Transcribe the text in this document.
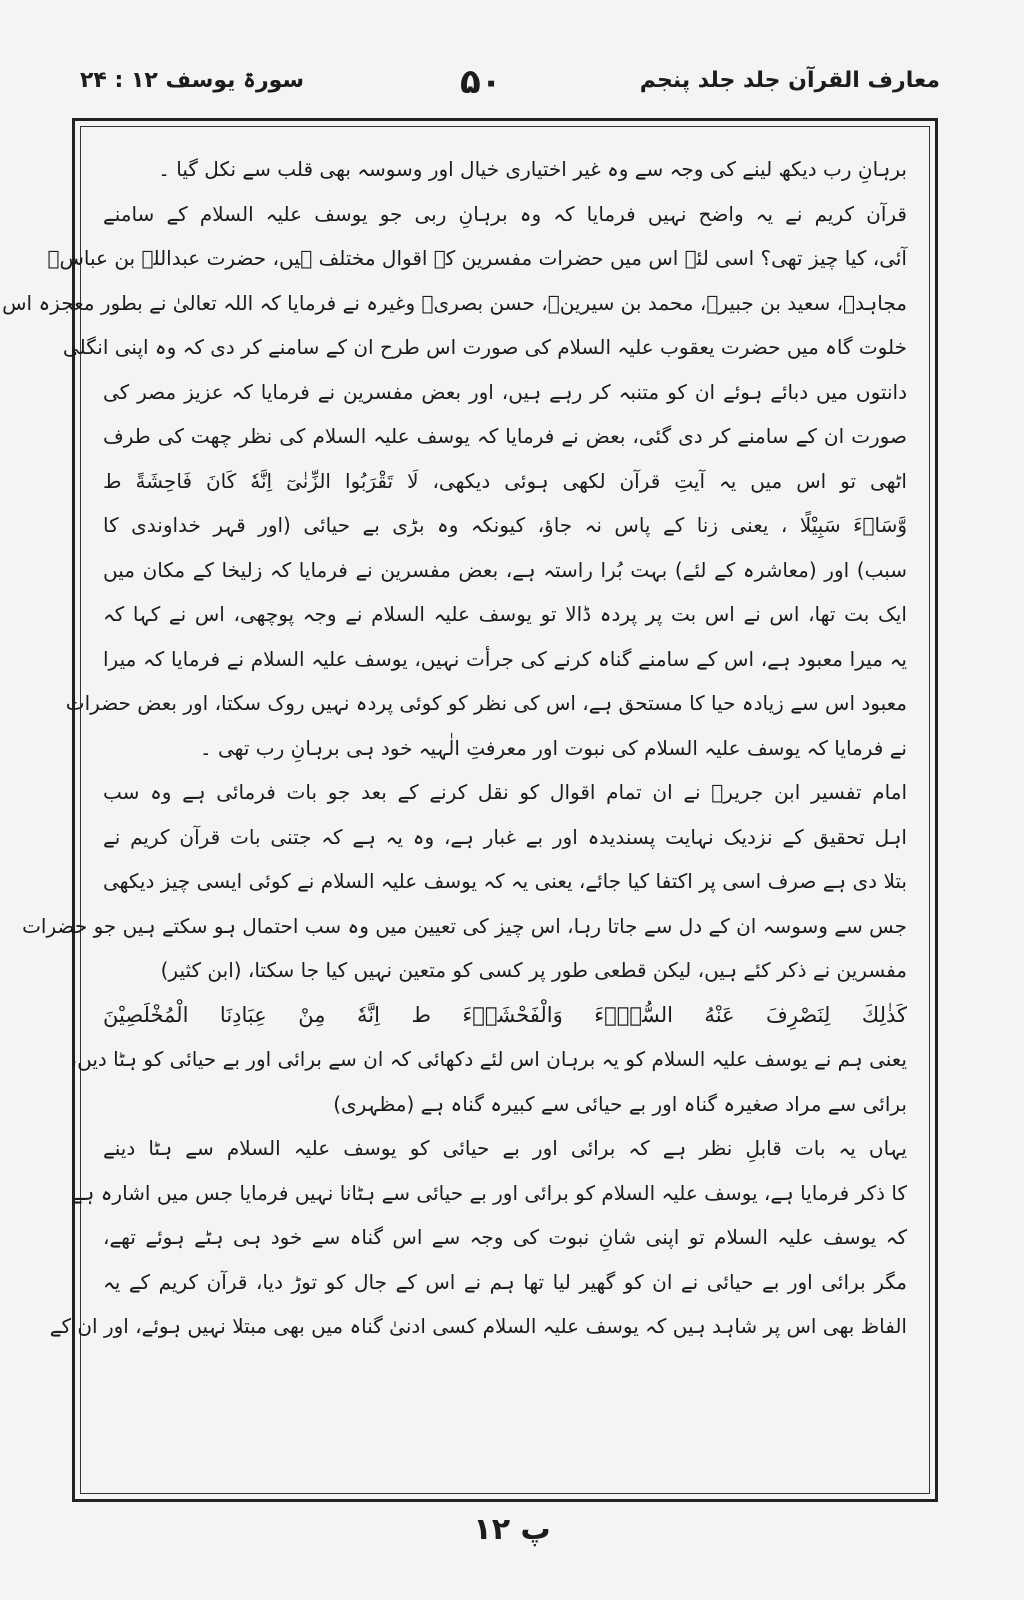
معارف القرآن جلد جلد پنجم
۵۰
سورۃ یوسف ۱۲ : ۲۴

برہانِ رب دیکھ لینے کی وجہ سے وہ غیر اختیاری خیال اور وسوسہ بھی قلب سے نکل گیا ۔

قرآن کریم نے یہ واضح نہیں فرمایا کہ وہ برہانِ ربی جو یوسف علیہ السلام کے سامنے

آئی، کیا چیز تھی؟ اسی لئے اس میں حضرات مفسرین کے اقوال مختلف ہیں، حضرت عبداللہ بن عباسؓ

مجاہدؒ، سعید بن جبیرؒ، محمد بن سیرینؒ، حسن بصریؒ وغیرہ نے فرمایا کہ اللہ تعالیٰ نے بطور معجزہ اس

خلوت گاہ میں حضرت یعقوب علیہ السلام کی صورت اس طرح ان کے سامنے کر دی کہ وہ اپنی انگلی

دانتوں میں دبائے ہوئے ان کو متنبہ کر رہے ہیں، اور بعض مفسرین نے فرمایا کہ عزیز مصر کی

صورت ان کے سامنے کر دی گئی، بعض نے فرمایا کہ یوسف علیہ السلام کی نظر چھت کی طرف

اٹھی تو اس میں یہ آیتِ قرآن لکھی ہوئی دیکھی، لَا تَقْرَبُوا الزِّنٰىٓ اِنَّهٗ كَانَ فَاحِشَةً ط

وَّسَاۗءَ سَبِيْلًا ، یعنی زنا کے پاس نہ جاؤ، کیونکہ وہ بڑی بے حیائی (اور قہر خداوندی کا

سبب) اور (معاشرہ کے لئے) بہت بُرا راستہ ہے، بعض مفسرین نے فرمایا کہ زلیخا کے مکان میں

ایک بت تھا، اس نے اس بت پر پردہ ڈالا تو یوسف علیہ السلام نے وجہ پوچھی، اس نے کہا کہ

یہ میرا معبود ہے، اس کے سامنے گناہ کرنے کی جرأت نہیں، یوسف علیہ السلام نے فرمایا کہ میرا

معبود اس سے زیادہ حیا کا مستحق ہے، اس کی نظر کو کوئی پردہ نہیں روک سکتا، اور بعض حضرات

نے فرمایا کہ یوسف علیہ السلام کی نبوت اور معرفتِ الٰہیہ خود ہی برہانِ رب تھی ۔

امام تفسیر ابن جریرؒ نے ان تمام اقوال کو نقل کرنے کے بعد جو بات فرمائی ہے وہ سب

اہل تحقیق کے نزدیک نہایت پسندیدہ اور بے غبار ہے، وہ یہ ہے کہ جتنی بات قرآن کریم نے

بتلا دی ہے صرف اسی پر اکتفا کیا جائے، یعنی یہ کہ یوسف علیہ السلام نے کوئی ایسی چیز دیکھی

جس سے وسوسہ ان کے دل سے جاتا رہا، اس چیز کی تعیین میں وہ سب احتمال ہو سکتے ہیں جو حضرات

مفسرین نے ذکر کئے ہیں، لیکن قطعی طور پر کسی کو متعین نہیں کیا جا سکتا، (ابن کثیر)

كَذٰلِكَ لِنَصْرِفَ عَنْهُ السُّوْۗءَ وَالْفَحْشَاۗءَ ط اِنَّهٗ مِنْ عِبَادِنَا الْمُخْلَصِيْنَ

یعنی ہم نے یوسف علیہ السلام کو یہ برہان اس لئے دکھائی کہ ان سے برائی اور بے حیائی کو ہٹا دیں،

برائی سے مراد صغیرہ گناہ اور بے حیائی سے کبیرہ گناہ ہے (مظہری)

یہاں یہ بات قابلِ نظر ہے کہ برائی اور بے حیائی کو یوسف علیہ السلام سے ہٹا دینے

کا ذکر فرمایا ہے، یوسف علیہ السلام کو برائی اور بے حیائی سے ہٹانا نہیں فرمایا جس میں اشارہ ہے

کہ یوسف علیہ السلام تو اپنی شانِ نبوت کی وجہ سے اس گناہ سے خود ہی ہٹے ہوئے تھے،

مگر برائی اور بے حیائی نے ان کو گھیر لیا تھا ہم نے اس کے جال کو توڑ دیا، قرآن کریم کے یہ

الفاظ بھی اس پر شاہد ہیں کہ یوسف علیہ السلام کسی ادنیٰ گناہ میں بھی مبتلا نہیں ہوئے، اور ان کے

پ ۱۲
